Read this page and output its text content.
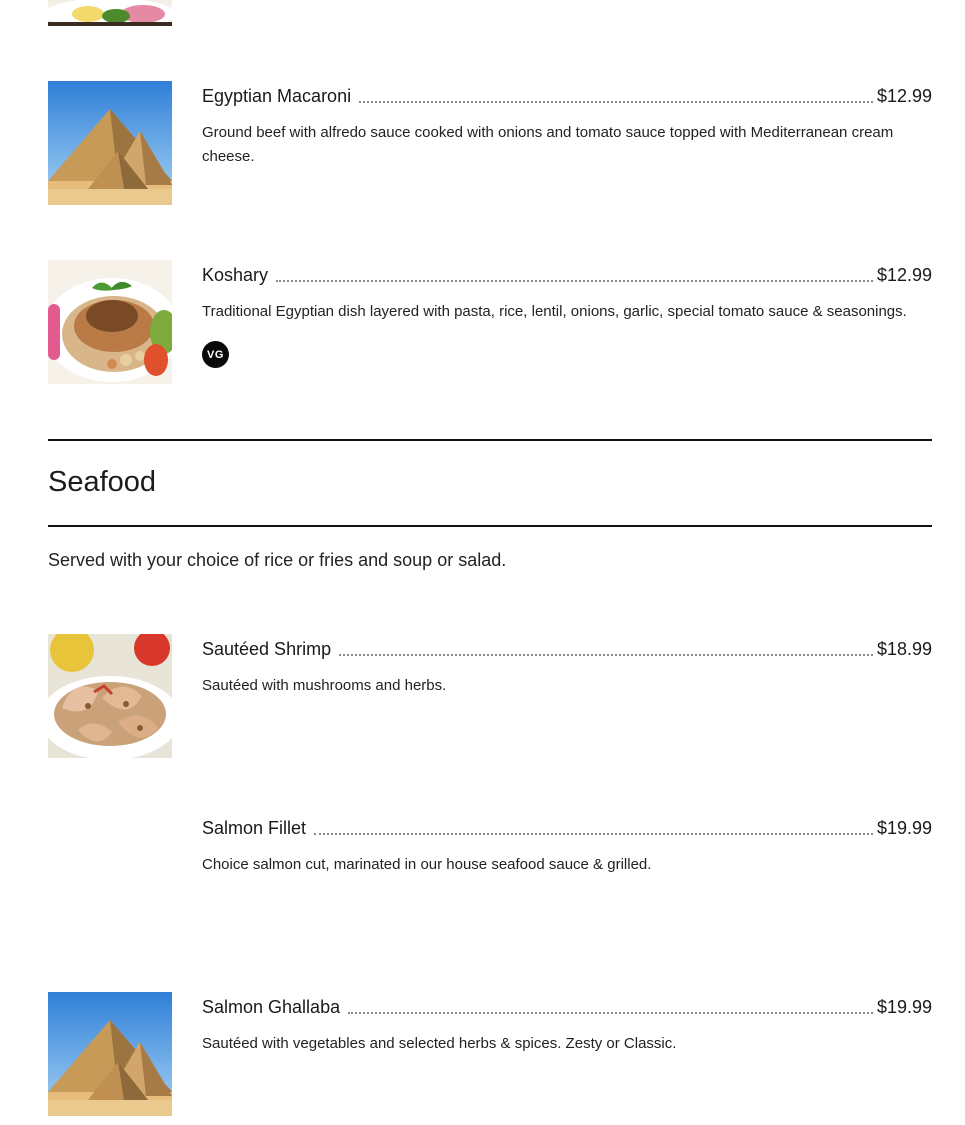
Egyptian Macaroni	$12.99
Ground beef with alfredo sauce cooked with onions and tomato sauce topped with Mediterranean cream cheese.
Koshary	$12.99
Traditional Egyptian dish layered with pasta, rice, lentil, onions, garlic, special tomato sauce & seasonings.
VG
Seafood
Served with your choice of rice or fries and soup or salad.
Sautéed Shrimp	$18.99
Sautéed with mushrooms and herbs.
Salmon Fillet	$19.99
Choice salmon cut, marinated in our house seafood sauce & grilled.
Salmon Ghallaba	$19.99
Sautéed with vegetables and selected herbs & spices. Zesty or Classic.
